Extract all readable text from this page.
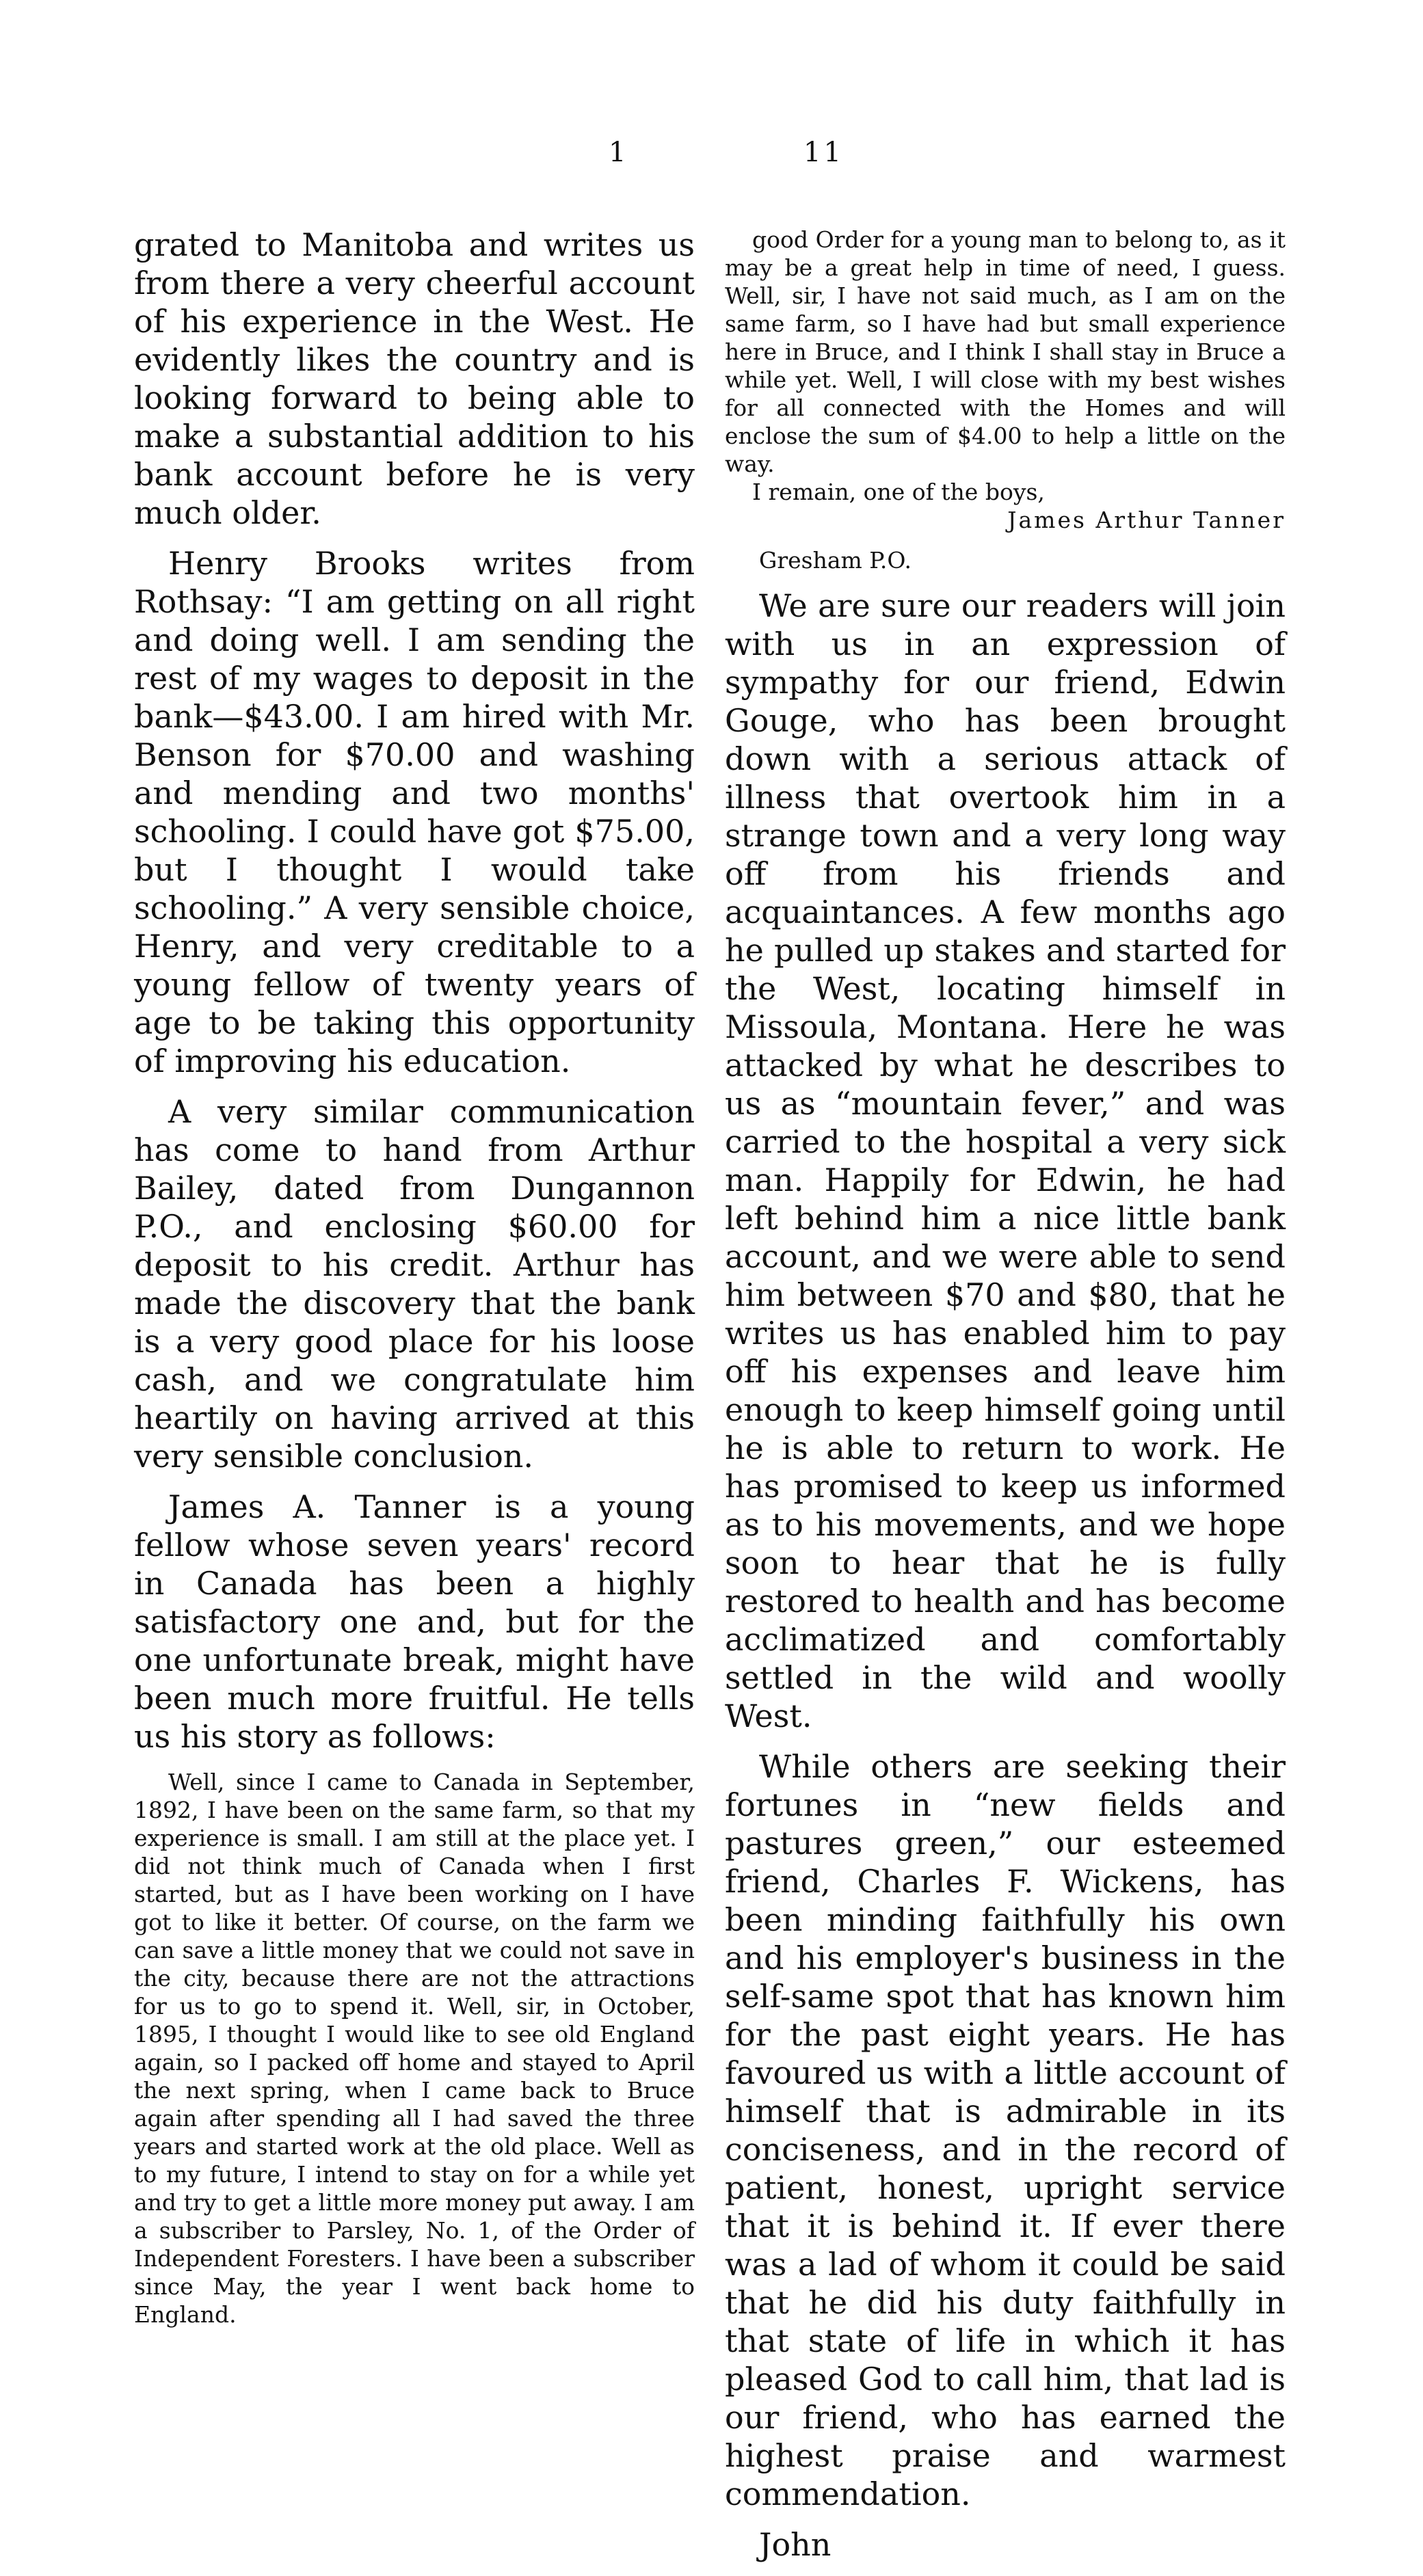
1	11

grated to Manitoba and writes us from there a very cheerful account of his experience in the West. He evidently likes the country and is looking forward to being able to make a substantial addition to his bank account before he is very much older.

Henry Brooks writes from Rothsay: “I am getting on all right and doing well. I am sending the rest of my wages to deposit in the bank—$43.00. I am hired with Mr. Benson for $70.00 and washing and mending and two months' schooling. I could have got $75.00, but I thought I would take schooling.” A very sensible choice, Henry, and very creditable to a young fellow of twenty years of age to be taking this opportunity of improving his education.

A very similar communication has come to hand from Arthur Bailey, dated from Dungannon P.O., and enclosing $60.00 for deposit to his credit. Arthur has made the discovery that the bank is a very good place for his loose cash, and we congratulate him heartily on having arrived at this very sensible conclusion.

James A. Tanner is a young fellow whose seven years' record in Canada has been a highly satisfactory one and, but for the one unfortunate break, might have been much more fruitful. He tells us his story as follows:

Well, since I came to Canada in September, 1892, I have been on the same farm, so that my experience is small. I am still at the place yet. I did not think much of Canada when I first started, but as I have been working on I have got to like it better. Of course, on the farm we can save a little money that we could not save in the city, because there are not the attractions for us to go to spend it. Well, sir, in October, 1895, I thought I would like to see old England again, so I packed off home and stayed to April the next spring, when I came back to Bruce again after spending all I had saved the three years and started work at the old place. Well as to my future, I intend to stay on for a while yet and try to get a little more money put away. I am a subscriber to Parsley, No. 1, of the Order of Independent Foresters. I have been a subscriber since May, the year I went back home to England.

good Order for a young man to belong to, as it may be a great help in time of need, I guess. Well, sir, I have not said much, as I am on the same farm, so I have had but small experience here in Bruce, and I think I shall stay in Bruce a while yet. Well, I will close with my best wishes for all connected with the Homes and will enclose the sum of $4.00 to help a little on the way.

I remain, one of the boys,

James Arthur Tanner

Gresham P.O.

We are sure our readers will join with us in an expression of sympathy for our friend, Edwin Gouge, who has been brought down with a serious attack of illness that overtook him in a strange town and a very long way off from his friends and acquaintances. A few months ago he pulled up stakes and started for the West, locating himself in Missoula, Montana. Here he was attacked by what he describes to us as “mountain fever,” and was carried to the hospital a very sick man. Happily for Edwin, he had left behind him a nice little bank account, and we were able to send him between $70 and $80, that he writes us has enabled him to pay off his expenses and leave him enough to keep himself going until he is able to return to work. He has promised to keep us informed as to his movements, and we hope soon to hear that he is fully restored to health and has become acclimatized and comfortably settled in the wild and woolly West.

While others are seeking their fortunes in “new fields and pastures green,” our esteemed friend, Charles F. Wickens, has been minding faithfully his own and his employer's business in the self-same spot that has known him for the past eight years. He has favoured us with a little account of himself that is admirable in its conciseness, and in the record of patient, honest, upright service that it is behind it. If ever there was a lad of whom it could be said that he did his duty faithfully in that state of life in which it has pleased God to call him, that lad is our friend, who has earned the highest praise and warmest commendation.

John
